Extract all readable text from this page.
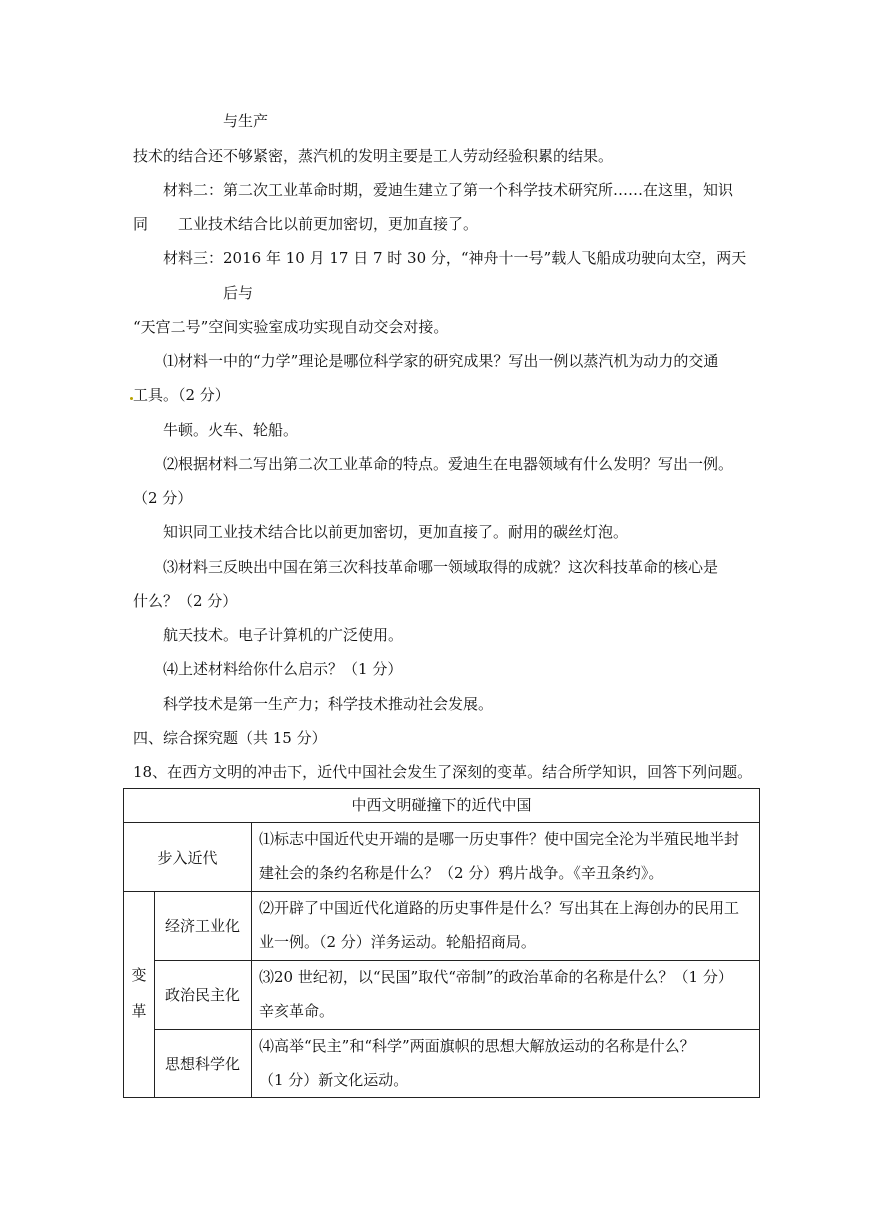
与生产
技术的结合还不够紧密，蒸汽机的发明主要是工人劳动经验积累的结果。
材料二：第二次工业革命时期，爱迪生建立了第一个科学技术研究所……在这里，知识
同　　工业技术结合比以前更加密切，更加直接了。
材料三：2016 年 10 月 17 日 7 时 30 分，“神舟十一号”载人飞船成功驶向太空，两天
后与
“天宫二号”空间实验室成功实现自动交会对接。
⑴材料一中的“力学”理论是哪位科学家的研究成果？写出一例以蒸汽机为动力的交通
工具。（2 分）
牛顿。火车、轮船。
⑵根据材料二写出第二次工业革命的特点。爱迪生在电器领域有什么发明？写出一例。
（2 分）
知识同工业技术结合比以前更加密切，更加直接了。耐用的碳丝灯泡。
⑶材料三反映出中国在第三次科技革命哪一领域取得的成就？这次科技革命的核心是
什么？（2 分）
航天技术。电子计算机的广泛使用。
⑷上述材料给你什么启示？（1 分）
科学技术是第一生产力；科学技术推动社会发展。
四、综合探究题（共 15 分）
18、在西方文明的冲击下，近代中国社会发生了深刻的变革。结合所学知识，回答下列问题。
中西文明碰撞下的近代中国
步入近代
⑴标志中国近代史开端的是哪一历史事件？使中国完全沦为半殖民地半封
建社会的条约名称是什么？（2 分）鸦片战争。《辛丑条约》。
变
革
经济工业化
⑵开辟了中国近代化道路的历史事件是什么？写出其在上海创办的民用工
业一例。（2 分）洋务运动。轮船招商局。
政治民主化
⑶20 世纪初，以“民国”取代“帝制”的政治革命的名称是什么？（1 分）
辛亥革命。
思想科学化
⑷高举“民主”和“科学”两面旗帜的思想大解放运动的名称是什么？
（1 分）新文化运动。
